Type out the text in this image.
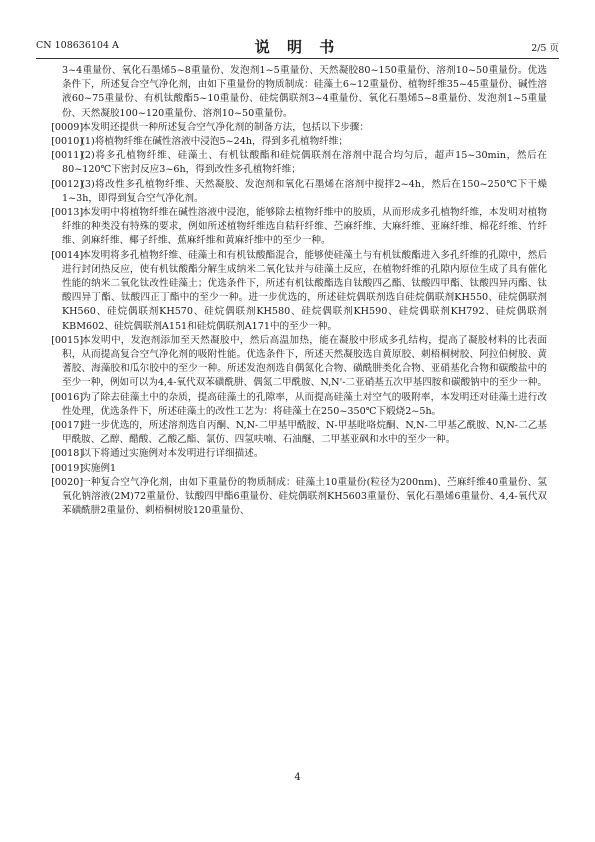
CN 108636104 A	说 明 书	2/5 页

3~4重量份、氧化石墨烯5~8重量份、发泡剂1~5重量份、天然凝胶80~150重量份、溶剂10~50重量份。优选条件下，所述复合空气净化剂，由如下重量份的物质制成：硅藻土6~12重量份、植物纤维35~45重量份、碱性溶液60~75重量份、有机钛酸酯5~10重量份、硅烷偶联剂3~4重量份、氧化石墨烯5~8重量份、发泡剂1~5重量份、天然凝胶100~120重量份、溶剂10~50重量份。

[0009]
本发明还提供一种所述复合空气净化剂的制备方法，包括以下步骤：

[0010]
(1)将植物纤维在碱性溶液中浸泡5~24h，得到多孔植物纤维；

[0011]
(2)将多孔植物纤维、硅藻土、有机钛酸酯和硅烷偶联剂在溶剂中混合均匀后，超声15~30min，然后在80~120℃下密封反应3~6h，得到改性多孔植物纤维；

[0012]
(3)将改性多孔植物纤维、天然凝胶、发泡剂和氧化石墨烯在溶剂中搅拌2~4h，然后在150~250℃下干燥1~3h，即得到复合空气净化剂。

[0013]
本发明中将植物纤维在碱性溶液中浸泡，能够除去植物纤维中的胶质，从而形成多孔植物纤维，本发明对植物纤维的种类没有特殊的要求，例如所述植物纤维选自秸秆纤维、苎麻纤维、大麻纤维、亚麻纤维、棉花纤维、竹纤维、剑麻纤维、椰子纤维、蕉麻纤维和黄麻纤维中的至少一种。

[0014]
本发明将多孔植物纤维、硅藻土和有机钛酸酯混合，能够使硅藻土与有机钛酸酯进入多孔纤维的孔隙中，然后进行封闭热反应，使有机钛酸酯分解生成纳米二氧化钛并与硅藻土反应，在植物纤维的孔隙内原位生成了具有催化性能的纳米二氧化钛改性硅藻土；优选条件下，所述有机钛酸酯选自钛酸四乙酯、钛酸四甲酯、钛酸四异丙酯、钛酸四异丁酯、钛酸四正丁酯中的至少一种。进一步优选的，所述硅烷偶联剂选自硅烷偶联剂KH550、硅烷偶联剂KH560、硅烷偶联剂KH570、硅烷偶联剂KH580、硅烷偶联剂KH590、硅烷偶联剂KH792、硅烷偶联剂KBM602、硅烷偶联剂A151和硅烷偶联剂A171中的至少一种。

[0015]
本发明中，发泡剂添加至天然凝胶中，然后高温加热，能在凝胶中形成多孔结构，提高了凝胶材料的比表面积，从而提高复合空气净化剂的吸附性能。优选条件下，所述天然凝胶选自黄原胶、刺梧桐树胶、阿拉伯树胶、黄蓍胶、海藻胶和瓜尔胶中的至少一种。所述发泡剂选自偶氮化合物、磺酰肼类化合物、亚硝基化合物和碳酸盐中的至少一种，例如可以为4,4-氧代双苯磺酰肼、偶氮二甲酰胺、N,N'-二亚硝基五次甲基四胺和碳酸钠中的至少一种。

[0016]
为了除去硅藻土中的杂质，提高硅藻土的孔隙率，从而提高硅藻土对空气的吸附率，本发明还对硅藻土进行改性处理，优选条件下，所述硅藻土的改性工艺为：将硅藻土在250~350℃下煅烧2~5h。

[0017]
进一步优选的，所述溶剂选自丙酮、N,N-二甲基甲酰胺、N-甲基吡咯烷酮、N,N-二甲基乙酰胺、N,N-二乙基甲酰胺、乙醇、醋酸、乙酸乙酯、氯仿、四氢呋喃、石油醚、二甲基亚砜和水中的至少一种。

[0018]
以下将通过实施例对本发明进行详细描述。

[0019]
实施例1

[0020]
一种复合空气净化剂，由如下重量份的物质制成：硅藻土10重量份(粒径为200nm)、苎麻纤维40重量份、氢氧化钠溶液(2M)72重量份、钛酸四甲酯6重量份、硅烷偶联剂KH5603重量份、氧化石墨烯6重量份、4,4-氧代双苯磺酰肼2重量份、刺梧桐树胶120重量份、

4
